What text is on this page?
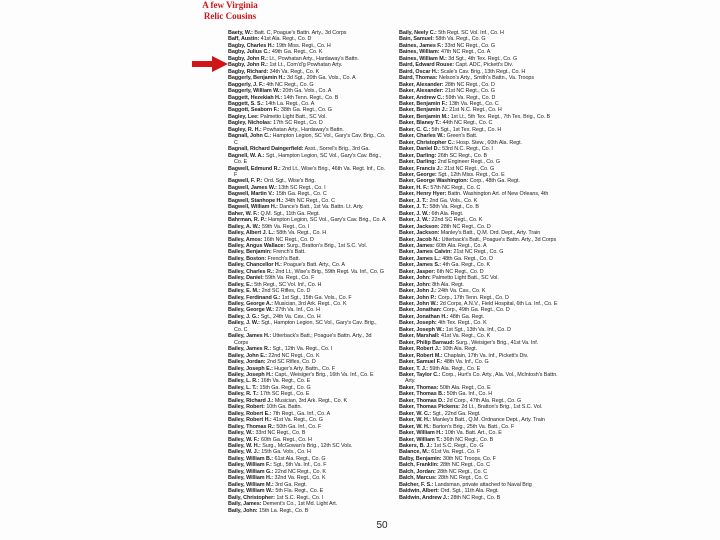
A few Virginia
Relic Cousins
Baety, W.: Batt. C, Poague's Battn. Arty., 3d Corps
Baff, Austin: 41st Ala. Regt., Co. D
Bagby, Charles H.: 19th Miss. Regt., Co. H
Bagby, Julius C.: 49th Ga. Regt., Co. K
Bagby, John R.: Lt., Powhatan Arty., Hardaway's Battn.
Bagby, John R.: 1st Lt., Com'd'g Powhatan Arty.
Bagby, Richard: 34th Va. Regt., Co. K
Baggerly, Benjamin H.: 3d Sgt., 20th Ga. Vols., Co. A
Baggerly, J. F.: 4th NC Regt., Co. G
Baggerly, William W.: 20th Ga. Vols., Co. A
Baggett, Hezekiah H.: 14th Tenn. Regt., Co. B
Baggett, S. S.: 14th La. Regt., Co. A
Baggott, Seaborn F.: 38th Ga. Regt., Co. G
Bagley, Lee: Palmetto Light Batt., SC Vol.
Bagley, Nicholas: 17th SC Regt., Co. D
Bagley, R. H.: Powhatan Arty., Hardaway's Battn.
Bagnall, John C.: Hampton Legion, SC Vol., Gary's Cav. Brig., Co. C
Bagnall, Richard Daingerfield: Asst., Sorrel's Brig., 3rd Ga.
Bagnell, W. A.: Sgt., Hampton Legion, SC Vol., Gary's Cav. Brig., Co. E
Bagwell, Edmund R.: 2nd Lt., Wise's Brig., 46th Va. Regt. Inf., Co. F
Bagwell, F. P.: Ord. Sgt., Wise's Brig.
Bagwell, James W.: 13th SC Regt., Co. I
Bagwell, Martin V.: 15th Ga. Regt., Co. C
Bagwell, Stanhope H.: 34th NC Regt., Co. C
Bagwell, William H.: Dance's Batt., 1st Va. Battn. Lt. Arty.
Baher, W. F.: Q.M. Sgt., 11th Ga. Regt.
Bahrman, R. P.: Hampton Legion, SC Vol., Gary's Cav. Brig., Co. A
Bailey, A. W.: 59th Va. Regt., Co. I
Bailey, Albert J. L.: 58th Va. Regt., Co. H
Bailey, Amos: 16th NC Regt., Co. D
Bailey, Angus Wallace: Surg., Bratton's Brig., 1st S.C. Vol.
Bailey, Benjamin: French's Batt.
Bailey, Boston: French's Batt.
Bailey, Chancellor H.: Poague's Batt. Arty., Co. A
Bailey, Charles R.: 2nd Lt., Wise's Brig., 59th Regt. Va. Inf., Co. G
Bailey, Daniel: 59th Va. Regt., Co. F
Bailey, E.: 5th Regt., SC Vol. Inf., Co. H
Bailey, E. M.: 2nd SC Rifles, Co. D
Bailey, Ferdinand G.: 1st Sgt., 15th Ga. Vols., Co. F
Bailey, George A.: Musician, 3rd Ark. Regt., Co. K
Bailey, George W.: 27th Va. Inf., Co. H
Bailey, J. G.: Sgt., 24th Va. Cav., Co. H
Bailey, J. W.: Sgt., Hampton Legion, SC Vol., Gary's Cav. Brig., Co. C
Bailey, James H.: Utterback's Batt.; Poague's Battn. Arty., 3d Corps
Bailey, James R.: Sgt., 12th Va. Regt., Co. I
Bailey, John E.: 22nd NC Regt., Co. K
Bailey, Jordan: 2nd SC Rifles, Co. D
Bailey, Joseph E.: Huger's Arty. Battn., Co. F
Bailey, Joseph H.: Capt., Weisiger's Brig., 16th Va. Inf., Co. E
Bailey, L. R.: 16th Va. Regt., Co. E
Bailey, L. T.: 15th Ga. Regt., Co. G
Bailey, R. T.: 17th SC Regt., Co. E
Bailey, Richard J.: Musician, 3rd Ark. Regt., Co. K
Bailey, Robert: 10th Ga. Battn.
Bailey, Robert E.: 7th Regt., Ga. Inf., Co. A
Bailey, Robert H.: 41st Va. Regt., Co. G
Bailey, Thomas R.: 50th Ga. Inf., Co. F
Bailey, W.: 33rd NC Regt., Co. B
Bailey, W. F.: 60th Ga. Regt., Co. H
Bailey, W. H.: Surg., McGowan's Brig., 12th SC Vols.
Bailey, W. J.: 15th Ga. Vols., Co. H
Bailey, William B.: 61st Ala. Regt., Co. G
Bailey, William F.: Sgt., 5th Va. Inf., Co. F
Bailey, William G.: 22nd NC Regt., Co. K
Bailey, William H.: 32nd Va. Regt., Co. K
Bailey, William M.: 3rd Ga. Regt.
Bailey, William W.: 5th Fla. Regt., Co. E
Baily, Christopher: 1st S.C. Regt., Co. I
Baily, James: Dement's Co., 1st Md. Light Art.
Baily, John: 15th La. Regt., Co. B
Baily, Neely C.: 5th Regt. SC Vol. Inf., Co. H
Bain, Samuel: 58th Va. Regt., Co. G
Baines, James F.: 33rd NC Regt., Co. G
Baines, William: 47th NC Regt., Co. A
Baines, William M.: 3d Sgt., 4th Tex. Regt., Co. G
Baird, Edward Rouse: Capt. ADC, Pickett's Div.
Baird, Oscar H.: Scale's Cav. Brig., 13th Regt., Co. H
Baird, Thomas: Nelson's Arty., Smith's Battn., Va. Troops
Baker, Alexander: 28th NC Regt., Co. D
Baker, Alexander: 21st NC Regt., Co. G
Baker, Andrew C.: 59th Va. Regt., Co. D
Baker, Benjamin F.: 13th Va. Regt., Co. C
Baker, Benjamin J.: 21st N.C. Regt., Co. H
Baker, Benjamin M.: 1st Lt., 5th Tex. Regt., 7th Tex. Brig., Co. B
Baker, Blaney T.: 44th NC Regt., Co. C
Baker, C. C.: 5th Sgt., 1st Tex. Regt., Co. H
Baker, Charles W.: Green's Batt.
Baker, Christopher C.: Hosp. Stew., 60th Ala. Regt.
Baker, Daniel D.: 53rd N.C. Regt., Co. I
Baker, Darling: 26th SC Regt., Co. B
Baker, Darling: 2nd Engineer Regt., Co. G
Baker, Francis J.: 21st NC Regt., Co. G
Baker, George: Sgt., 12th Miss. Regt., Co. E
Baker, George Washington: Corp., 48th Ga. Regt.
Baker, H. F.: 57th NC Regt., Co. C
Baker, Henry Hyer: Battn. Washington Art. of New Orleans, 4th
Baker, J. T.: 2nd Ga. Vols., Co. K
Baker, J. T.: 58th Va. Regt., Co. B
Baker, J. W.: 6th Ala. Regt.
Baker, J. W.: 22nd SC Regt., Co. K
Baker, Jackson: 28th NC Regt., Co. D
Baker, Jackson: Manley's Batt., Q.M. Ord. Dept., Arty. Train
Baker, Jacob N.: Utterback's Batt., Poague's Battn. Arty., 3d Corps
Baker, James: 60th Ala. Regt., Co. A
Baker, James Calvin: 21st NC Regt., Co. G
Baker, James L.: 48th Ga. Regt., Co. D
Baker, James S.: 4th Ga. Regt., Co. K
Baker, Jasper: 6th NC Regt., Co. D
Baker, John: Palmetto Light Batt., SC Vol.
Baker, John: 8th Ala. Regt.
Baker, John J.: 24th Va. Cav., Co. K
Baker, John P.: Corp., 17th Tenn. Regt., Co. D
Baker, John W.: 2d Corps, A.N.V., Field Hospital, 6th La. Inf., Co. E
Baker, Jonathan: Corp., 49th Ga. Regt., Co. D
Baker, Jonathan H.: 48th Ga. Regt.
Baker, Joseph: 4th Tex. Regt., Co. K
Baker, Joseph W.: 1st Sgt., 13th Va. Inf., Co. D
Baker, Marshall: 41st Va. Regt., Co. K
Baker, Philip Barraud: Surg., Weisiger's Brig., 41st Va. Inf.
Baker, Robert J.: 10th Ala. Regt.
Baker, Robert M.: Chaplain, 17th Va. Inf., Pickett's Div.
Baker, Samuel F.: 48th Va. Inf., Co. G
Baker, T. J.: 59th Ala. Regt., Co. E
Baker, Taylor C.: Corp., Hurt's Co. Arty., Ala. Vol., McIntosh's Battn. Arty.
Baker, Thomas: 50th Ala. Regt., Co. E
Baker, Thomas B.: 50th Ga. Inf., Co. H
Baker, Thomas D.: 2d Corp., 47th Ala. Regt., Co. G
Baker, Thomas Pickens: 2d Lt., Bratton's Brig., 1st S.C. Vol.
Baker, W. C.: Sgt., 22nd Ga. Regt.
Baker, W. H.: Manley's Batt., Q.M. Ordnance Dept., Arty. Train
Baker, W. H.: Barton's Brig., 25th Va. Batt., Co. F
Baker, William H.: 10th Va. Batt. Art., Co. E
Baker, William T.: 36th NC Regt., Co. B
Bakers, B. J.: 1st S.C. Regt., Co. G
Balance, M.: 61st Va. Regt., Co. F
Balby, Benjamin: 30th NC Troops, Co. F
Balch, Franklin: 28th NC Regt., Co. C
Balch, Jordan: 28th NC Regt., Co. C
Balch, Marcus: 28th NC Regt., Co. C
Balcher, F. S.: Landsman, private attached to Naval Brig
Baldwin, Albert: Ord. Sgt., 11th Ala. Regt.
Baldwin, Andrew J.: 28th NC Regt., Co. B
50
